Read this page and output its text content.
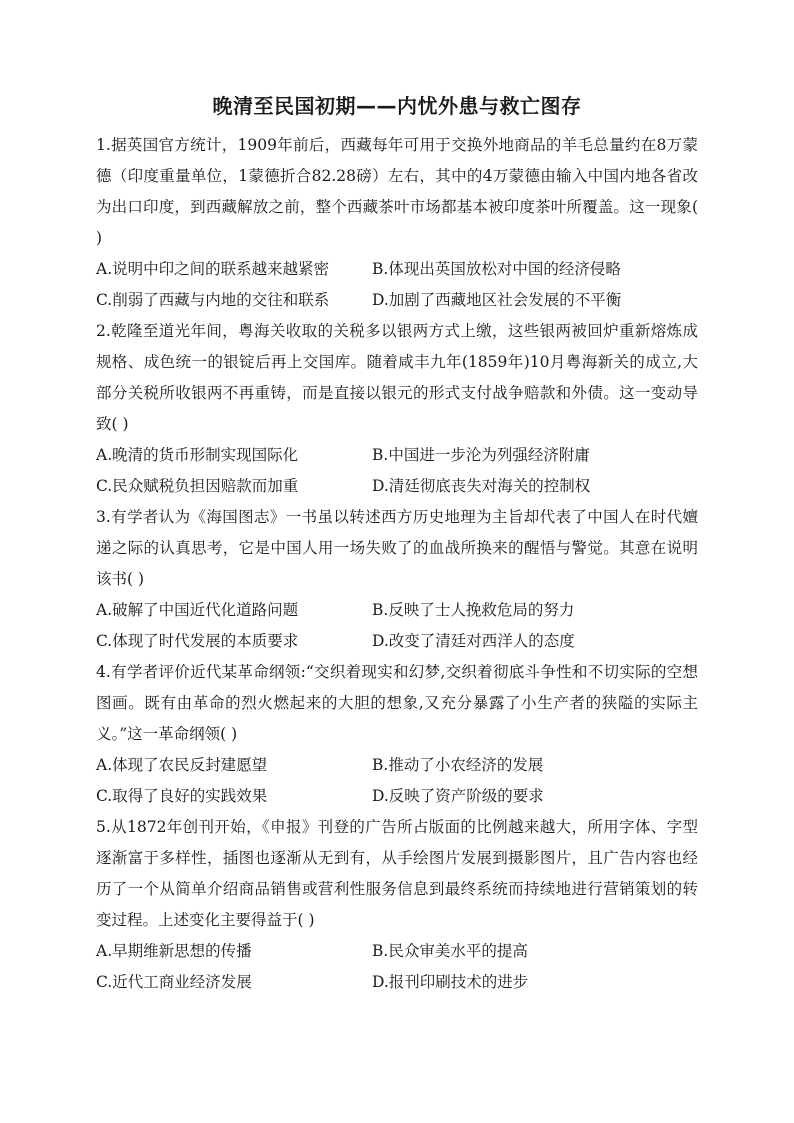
晚清至民国初期——内忧外患与救亡图存

1.据英国官方统计，1909年前后，西藏每年可用于交换外地商品的羊毛总量约在8万蒙德（印度重量单位，1蒙德折合82.28磅）左右，其中的4万蒙德由输入中国内地各省改为出口印度，到西藏解放之前，整个西藏茶叶市场都基本被印度茶叶所覆盖。这一现象( )

A.说明中印之间的联系越来越紧密	B.体现出英国放松对中国的经济侵略
C.削弱了西藏与内地的交往和联系	D.加剧了西藏地区社会发展的不平衡

2.乾隆至道光年间，粤海关收取的关税多以银两方式上缴，这些银两被回炉重新熔炼成规格、成色统一的银锭后再上交国库。随着咸丰九年(1859年)10月粤海新关的成立,大部分关税所收银两不再重铸，而是直接以银元的形式支付战争赔款和外债。这一变动导致( )

A.晚清的货币形制实现国际化	B.中国进一步沦为列强经济附庸
C.民众赋税负担因赔款而加重	D.清廷彻底丧失对海关的控制权

3.有学者认为《海国图志》一书虽以转述西方历史地理为主旨却代表了中国人在时代嬗递之际的认真思考，它是中国人用一场失败了的血战所换来的醒悟与警觉。其意在说明该书( )

A.破解了中国近代化道路问题	B.反映了士人挽救危局的努力
C.体现了时代发展的本质要求	D.改变了清廷对西洋人的态度

4.有学者评价近代某革命纲领:“交织着现实和幻梦,交织着彻底斗争性和不切实际的空想图画。既有由革命的烈火燃起来的大胆的想象,又充分暴露了小生产者的狭隘的实际主义。”这一革命纲领( )

A.体现了农民反封建愿望	B.推动了小农经济的发展
C.取得了良好的实践效果	D.反映了资产阶级的要求

5.从1872年创刊开始，《申报》刊登的广告所占版面的比例越来越大，所用字体、字型逐渐富于多样性，插图也逐渐从无到有，从手绘图片发展到摄影图片，且广告内容也经历了一个从简单介绍商品销售或营利性服务信息到最终系统而持续地进行营销策划的转变过程。上述变化主要得益于( )

A.早期维新思想的传播	B.民众审美水平的提高
C.近代工商业经济发展	D.报刊印刷技术的进步
